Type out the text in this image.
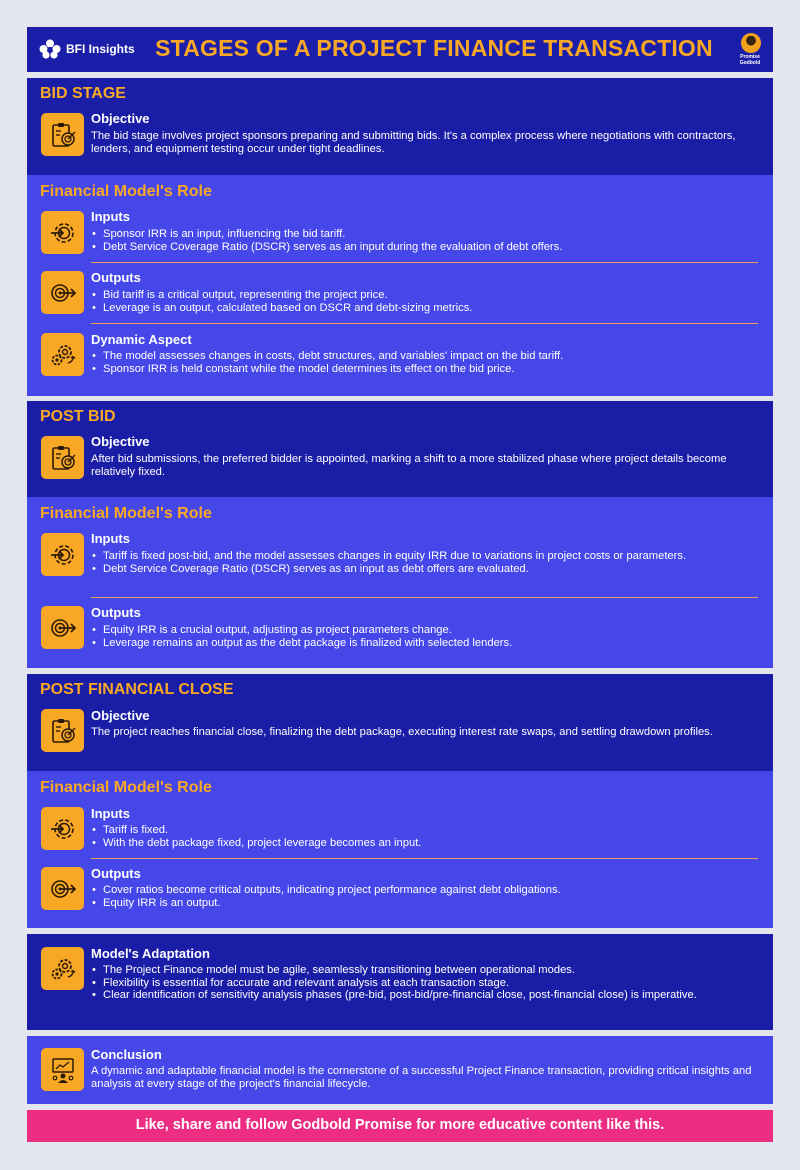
BFI Insights STAGES OF A PROJECT FINANCE TRANSACTION	Promise Godbold
BID STAGE
Objective
The bid stage involves project sponsors preparing and submitting bids. It's a complex process where negotiations with contractors, lenders, and equipment testing occur under tight deadlines.
Financial Model's Role
Inputs
• Sponsor IRR is an input, influencing the bid tariff.
• Debt Service Coverage Ratio (DSCR) serves as an input during the evaluation of debt offers.
Outputs
• Bid tariff is a critical output, representing the project price.
• Leverage is an output, calculated based on DSCR and debt-sizing metrics.
Dynamic Aspect
• The model assesses changes in costs, debt structures, and variables' impact on the bid tariff.
• Sponsor IRR is held constant while the model determines its effect on the bid price.
POST BID
Objective
After bid submissions, the preferred bidder is appointed, marking a shift to a more stabilized phase where project details become relatively fixed.
Financial Model's Role
Inputs
• Tariff is fixed post-bid, and the model assesses changes in equity IRR due to variations in project costs or parameters.
• Debt Service Coverage Ratio (DSCR) serves as an input as debt offers are evaluated.
Outputs
• Equity IRR is a crucial output, adjusting as project parameters change.
• Leverage remains an output as the debt package is finalized with selected lenders.
POST FINANCIAL CLOSE
Objective
The project reaches financial close, finalizing the debt package, executing interest rate swaps, and settling drawdown profiles.
Financial Model's Role
Inputs
• Tariff is fixed.
• With the debt package fixed, project leverage becomes an input.
Outputs
• Cover ratios become critical outputs, indicating project performance against debt obligations.
• Equity IRR is an output.
Model's Adaptation
• The Project Finance model must be agile, seamlessly transitioning between operational modes.
• Flexibility is essential for accurate and relevant analysis at each transaction stage.
• Clear identification of sensitivity analysis phases (pre-bid, post-bid/pre-financial close, post-financial close) is imperative.
Conclusion
A dynamic and adaptable financial model is the cornerstone of a successful Project Finance transaction, providing critical insights and analysis at every stage of the project's financial lifecycle.
Like, share and follow Godbold Promise for more educative content like this.
